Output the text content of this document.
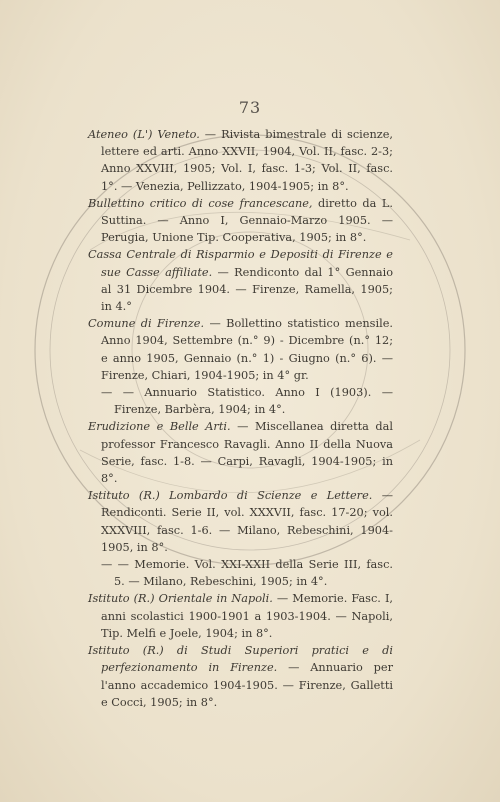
73

Ateneo (L') Veneto. — Rivista bimestrale di scienze, lettere ed arti. Anno XXVII, 1904, Vol. II, fasc. 2-3; Anno XXVIII, 1905; Vol. I, fasc. 1-3; Vol. II, fasc. 1°. — Venezia, Pellizzato, 1904-1905; in 8°.

Bullettino critico di cose francescane, diretto da L. Suttina. — Anno I, Gennaio-Marzo 1905. — Perugia, Unione Tip. Cooperativa, 1905; in 8°.

Cassa Centrale di Risparmio e Depositi di Firenze e sue Casse affiliate. — Rendiconto dal 1° Gennaio al 31 Dicembre 1904. — Firenze, Ramella, 1905; in 4.°

Comune di Firenze. — Bollettino statistico mensile. Anno 1904, Settembre (n.° 9) - Dicembre (n.° 12; e anno 1905, Gennaio (n.° 1) - Giugno (n.° 6). — Firenze, Chiari, 1904-1905; in 4° gr.

— — Annuario Statistico. Anno I (1903). — Firenze, Barbèra, 1904; in 4°.

Erudizione e Belle Arti. — Miscellanea diretta dal professor Francesco Ravagli. Anno II della Nuova Serie, fasc. 1-8. — Carpi, Ravagli, 1904-1905; in 8°.

Istituto (R.) Lombardo di Scienze e Lettere. — Rendiconti. Serie II, vol. XXXVII, fasc. 17-20; vol. XXXVIII, fasc. 1-6. — Milano, Rebeschini, 1904-1905, in 8°.

— — Memorie. Vol. XXI-XXII della Serie III, fasc. 5. — Milano, Rebeschini, 1905; in 4°.

Istituto (R.) Orientale in Napoli. — Memorie. Fasc. I, anni scolastici 1900-1901 a 1903-1904. — Napoli, Tip. Melfi e Joele, 1904; in 8°.

Istituto (R.) di Studi Superiori pratici e di perfezionamento in Firenze. — Annuario per l'anno accademico 1904-1905. — Firenze, Galletti e Cocci, 1905; in 8°.
